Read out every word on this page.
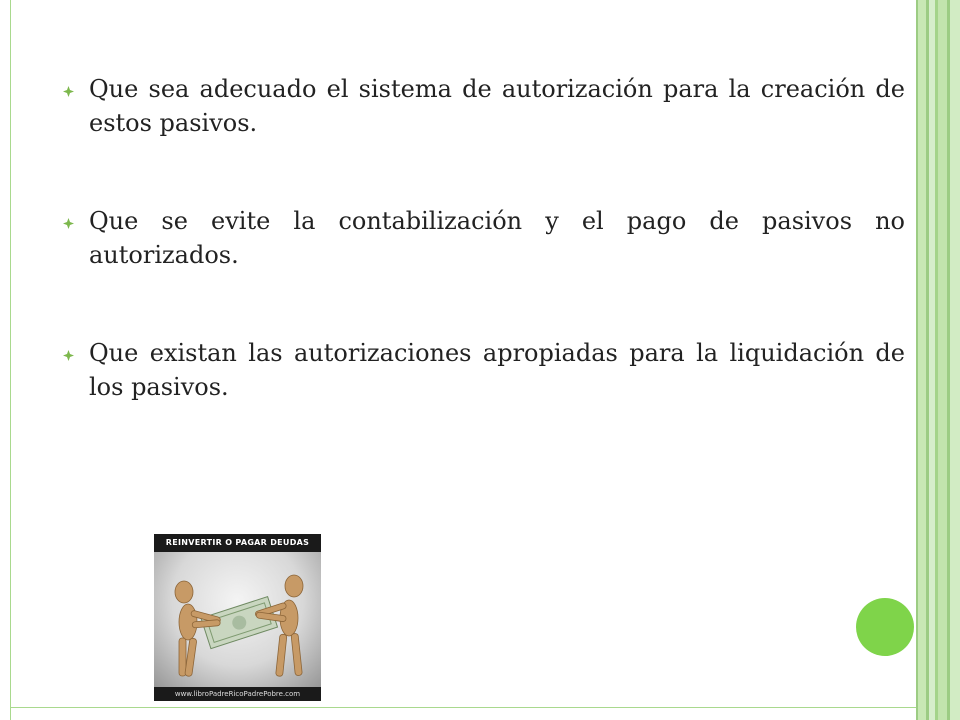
Que sea adecuado el sistema de autorización para la creación de estos pasivos.
Que se evite la contabilización y el pago de pasivos no autorizados.
Que existan las autorizaciones apropiadas para la liquidación de los pasivos.
REINVERTIR O PAGAR DEUDAS
www.libroPadreRicoPadrePobre.com
